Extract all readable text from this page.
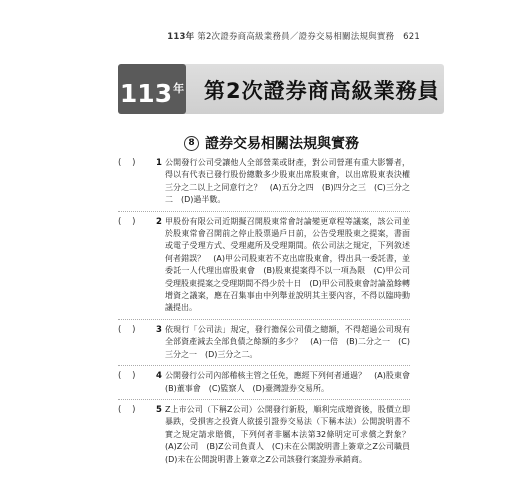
113年 第2次證券商高級業務員／證券交易相關法規與實務 621
$113^年$ 第2次證券商高級業務員
8 證券交易相關法規與實務
(    )	1 公開發行公司受讓他人全部營業或財產，對公司營運有重大影響者，得以有代表已發行股份總數多少股東出席股東會，以出席股東表決權三分之二以上之同意行之？　(A)五分之四　(B)四分之三　(C)三分之二　(D)過半數。
(    )	2 甲股份有限公司近期擬召開股東常會討論變更章程等議案，該公司並於股東常會召開前之停止股票過戶日前，公告受理股東之提案，書面或電子受理方式、受理處所及受理期間。依公司法之規定，下列敘述何者錯誤？　(A)甲公司股東若不克出席股東會，得出具一委託書，並委託一人代理出席股東會　(B)股東提案得不以一項為限　(C)甲公司受理股東提案之受理期間不得少於十日　(D)甲公司股東會討論盈餘轉增資之議案，應在召集事由中列舉並說明其主要內容，不得以臨時動議提出。
(    )	3 依現行「公司法」規定，發行擔保公司債之總額，不得超過公司現有全部資產減去全部負債之餘額的多少？　(A)一倍　(B)二分之一　(C)三分之一　(D)三分之二。
(    )	4 公開發行公司內部稽核主管之任免，應經下列何者通過？　(A)股東會　(B)董事會　(C)監察人　(D)臺灣證券交易所。
(    )	5 Z上市公司（下稱Z公司）公開發行新股，順利完成增資後，股價立即暴跌，受損害之投資人欲援引證券交易法（下稱本法）公開說明書不實之規定請求賠償，下列何者非屬本法第32條明定可求償之對象？　(A)Z公司　(B)Z公司負責人　(C)未在公開說明書上簽章之Z公司職員　(D)未在公開說明書上簽章之Z公司該發行案證券承銷商。
